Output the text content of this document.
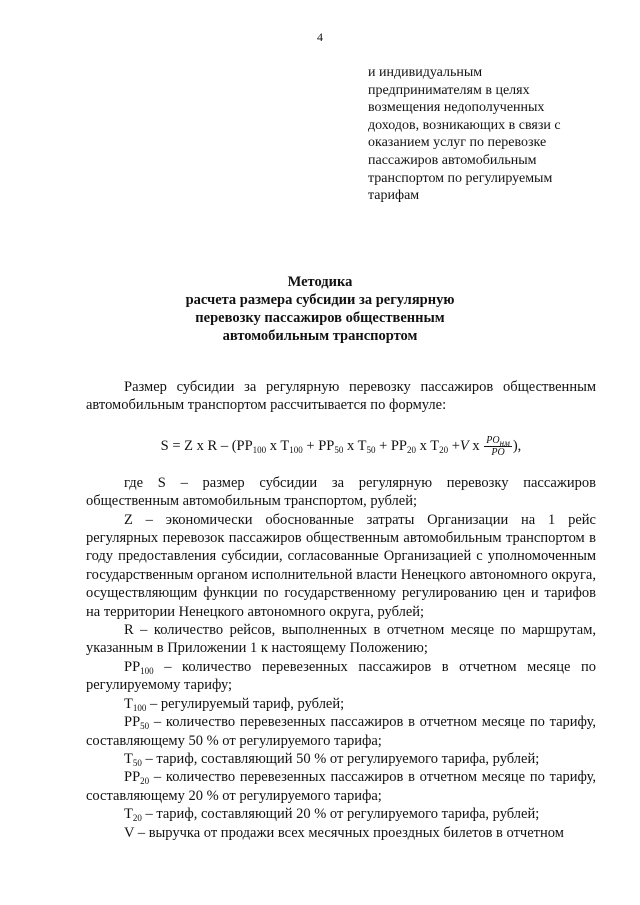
4
и индивидуальным
предпринимателям в целях
возмещения недополученных
доходов, возникающих в связи с
оказанием услуг по перевозке
пассажиров автомобильным
транспортом по регулируемым
тарифам
Методика
расчета размера субсидии за регулярную
перевозку пассажиров общественным
автомобильным транспортом

Размер субсидии за регулярную перевозку пассажиров общественным автомобильным транспортом рассчитывается по формуле:

S = Z x R – ($PP_{100}$ x $T_{100} + PP_{50}$ x $T_{50} + PP_{20}$ x $T_{20} +V$ x $\frac{PO_{нм}}{PO}$ ),

где S – размер субсидии за регулярную перевозку пассажиров общественным автомобильным транспортом, рублей;

Z – экономически обоснованные затраты Организации на 1 рейс регулярных перевозок пассажиров общественным автомобильным транспортом в году предоставления субсидии, согласованные Организацией с уполномоченным государственным органом исполнительной власти Ненецкого автономного округа, осуществляющим функции по государственному регулированию цен и тарифов на территории Ненецкого автономного округа, рублей;

R – количество рейсов, выполненных в отчетном месяце по маршрутам, указанным в Приложении 1 к настоящему Положению;

$PP_{100}$ – количество перевезенных пассажиров в отчетном месяце по регулируемому тарифу;

$T_{100}$ – регулируемый тариф, рублей;

$PP_{50}$ – количество перевезенных пассажиров в отчетном месяце по тарифу, составляющему 50 % от регулируемого тарифа;

$T_{50}$ – тариф, составляющий 50 % от регулируемого тарифа, рублей;

$PP_{20}$ – количество перевезенных пассажиров в отчетном месяце по тарифу, составляющему 20 % от регулируемого тарифа;

$T_{20}$ – тариф, составляющий 20 % от регулируемого тарифа, рублей;

V – выручка от продажи всех месячных проездных билетов в отчетном
